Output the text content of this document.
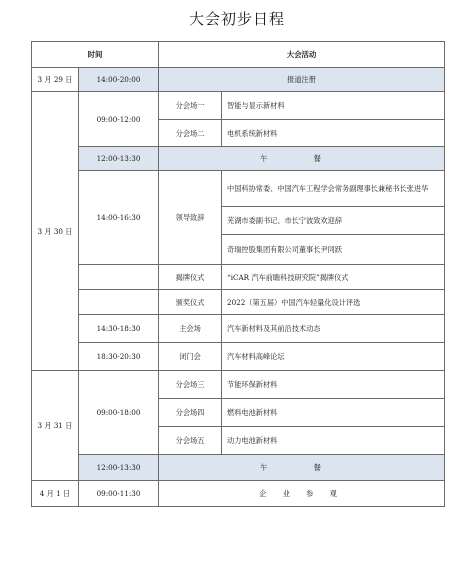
大会初步日程
时间		大会活动	
3 月 29 日	14:00-20:00	报道注册	
3 月 30 日	09:00-12:00	分会场一	智能与显示新材料
		分会场二	电机系统新材料
	12:00-13:30	午 餐	
	14:00-16:30	领导致辞	中国科协常委、中国汽车工程学会常务副理事长兼秘书长张进华
			芜湖市委副书记、市长宁波致欢迎辞
			奇瑞控股集团有限公司董事长尹同跃
		揭牌仪式	“iCAR 汽车前瞻科技研究院”揭牌仪式
		颁奖仪式	2022（第五届）中国汽车轻量化设计评选
	14:30-18:30	主会场	汽车新材料及其前沿技术动态
	18:30-20:30	闭门会	汽车材料高峰论坛
3 月 31 日	09:00-18:00	分会场三	节能环保新材料
		分会场四	燃料电池新材料
		分会场五	动力电池新材料
	12:00-13:30	午 餐	
4 月 1 日	09:00-11:30	企 业 参 观	
